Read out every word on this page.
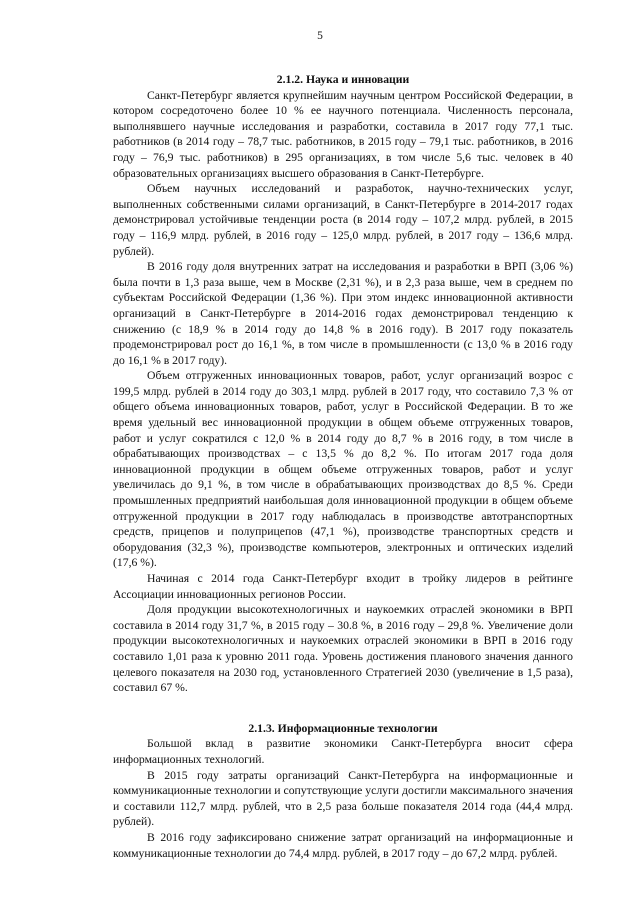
5
2.1.2. Наука и инновации

Санкт-Петербург является крупнейшим научным центром Российской Федерации, в котором сосредоточено более 10 % ее научного потенциала. Численность персонала, выполнявшего научные исследования и разработки, составила в 2017 году 77,1 тыс. работников (в 2014 году – 78,7 тыс. работников, в 2015 году – 79,1 тыс. работников, в 2016 году – 76,9 тыс. работников) в 295 организациях, в том числе 5,6 тыс. человек в 40 образовательных организациях высшего образования в Санкт-Петербурге.

Объем научных исследований и разработок, научно-технических услуг, выполненных собственными силами организаций, в Санкт-Петербурге в 2014-2017 годах демонстрировал устойчивые тенденции роста (в 2014 году – 107,2 млрд. рублей, в 2015 году – 116,9 млрд. рублей, в 2016 году – 125,0 млрд. рублей, в 2017 году – 136,6 млрд. рублей).

В 2016 году доля внутренних затрат на исследования и разработки в ВРП (3,06 %) была почти в 1,3 раза выше, чем в Москве (2,31 %), и в 2,3 раза выше, чем в среднем по субъектам Российской Федерации (1,36 %). При этом индекс инновационной активности организаций в Санкт-Петербурге в 2014-2016 годах демонстрировал тенденцию к снижению (с 18,9 % в 2014 году до 14,8 % в 2016 году). В 2017 году показатель продемонстрировал рост до 16,1 %, в том числе в промышленности (с 13,0 % в 2016 году до 16,1 % в 2017 году).

Объем отгруженных инновационных товаров, работ, услуг организаций возрос с 199,5 млрд. рублей в 2014 году до 303,1 млрд. рублей в 2017 году, что составило 7,3 % от общего объема инновационных товаров, работ, услуг в Российской Федерации. В то же время удельный вес инновационной продукции в общем объеме отгруженных товаров, работ и услуг сократился с 12,0 % в 2014 году до 8,7 % в 2016 году, в том числе в обрабатывающих производствах – с 13,5 % до 8,2 %. По итогам 2017 года доля инновационной продукции в общем объеме отгруженных товаров, работ и услуг увеличилась до 9,1 %, в том числе в обрабатывающих производствах до 8,5 %. Среди промышленных предприятий наибольшая доля инновационной продукции в общем объеме отгруженной продукции в 2017 году наблюдалась в производстве автотранспортных средств, прицепов и полуприцепов (47,1 %), производстве транспортных средств и оборудования (32,3 %), производстве компьютеров, электронных и оптических изделий (17,6 %).

Начиная с 2014 года Санкт-Петербург входит в тройку лидеров в рейтинге Ассоциации инновационных регионов России.

Доля продукции высокотехнологичных и наукоемких отраслей экономики в ВРП составила в 2014 году 31,7 %, в 2015 году – 30.8 %, в 2016 году – 29,8 %. Увеличение доли продукции высокотехнологичных и наукоемких отраслей экономики в ВРП в 2016 году составило 1,01 раза к уровню 2011 года. Уровень достижения планового значения данного целевого показателя на 2030 год, установленного Стратегией 2030 (увеличение в 1,5 раза), составил 67 %.

2.1.3. Информационные технологии

Большой вклад в развитие экономики Санкт-Петербурга вносит сфера информационных технологий.

В 2015 году затраты организаций Санкт-Петербурга на информационные и коммуникационные технологии и сопутствующие услуги достигли максимального значения и составили 112,7 млрд. рублей, что в 2,5 раза больше показателя 2014 года (44,4 млрд. рублей).

В 2016 году зафиксировано снижение затрат организаций на информационные и коммуникационные технологии до 74,4 млрд. рублей, в 2017 году – до 67,2 млрд. рублей.
